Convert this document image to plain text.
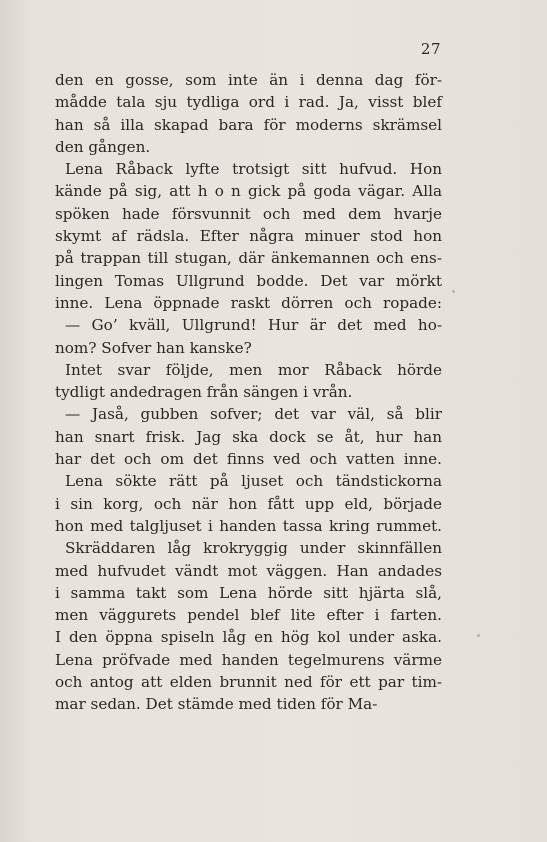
27
den en gosse, som inte än i denna dag för-
mådde tala sju tydliga ord i rad. Ja, visst blef
han så illa skapad bara för moderns skrämsel
den gången.
Lena Råback lyfte trotsigt sitt hufvud. Hon
kände på sig, att h o n gick på goda vägar. Alla
spöken hade försvunnit och med dem hvarje
skymt af rädsla. Efter några minuer stod hon
på trappan till stugan, där änkemannen och ens-
lingen Tomas Ullgrund bodde. Det var mörkt
inne. Lena öppnade raskt dörren och ropade:
— Go’ kväll, Ullgrund! Hur är det med ho-
nom? Sofver han kanske?
Intet svar följde, men mor Råback hörde
tydligt andedragen från sängen i vrån.
— Jaså, gubben sofver; det var väl, så blir
han snart frisk. Jag ska dock se åt, hur han
har det och om det finns ved och vatten inne.
Lena sökte rätt på ljuset och tändstickorna
i sin korg, och när hon fått upp eld, började
hon med talgljuset i handen tassa kring rummet.
Skräddaren låg krokryggig under skinnfällen
med hufvudet vändt mot väggen. Han andades
i samma takt som Lena hörde sitt hjärta slå,
men väggurets pendel blef lite efter i farten.
I den öppna spiseln låg en hög kol under aska.
Lena pröfvade med handen tegelmurens värme
och antog att elden brunnit ned för ett par tim-
mar sedan. Det stämde med tiden för Ma-
